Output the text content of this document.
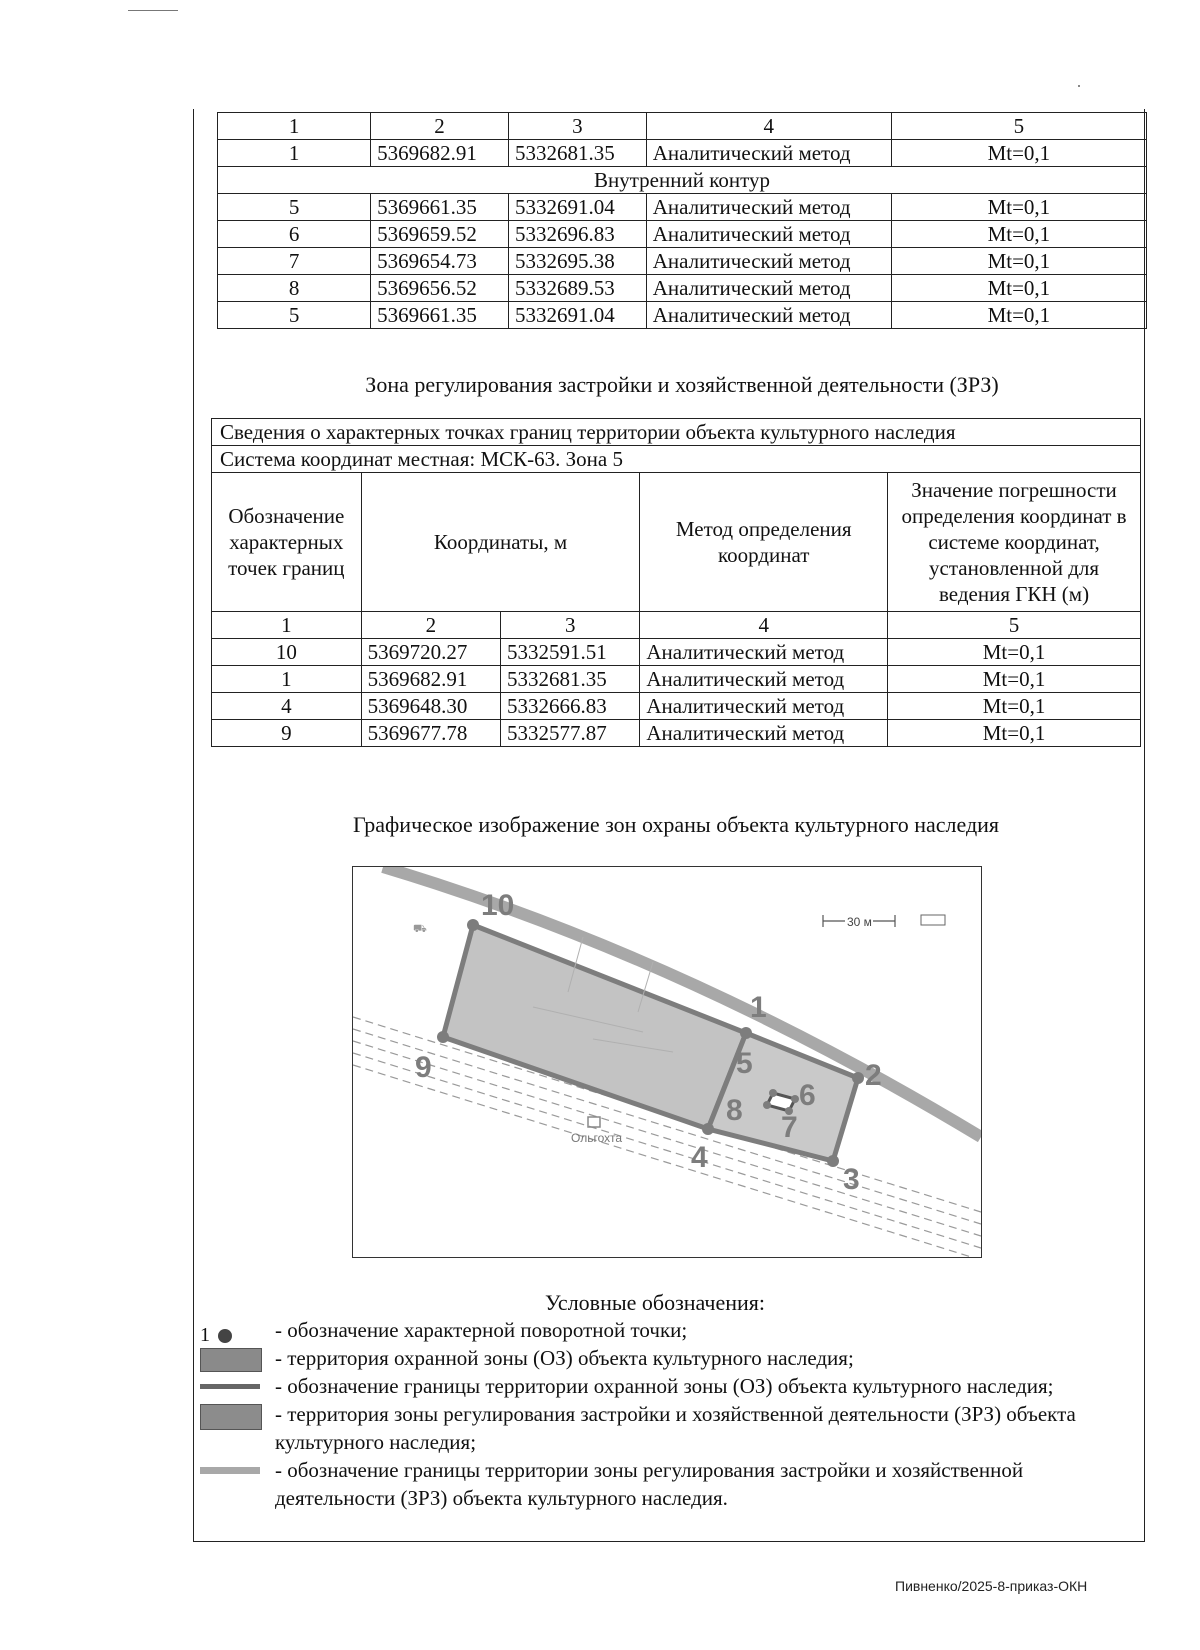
1	2	3	4	5
1	5369682.91	5332681.35	Аналитический метод	Mt=0,1
Внутренний контур				
5	5369661.35	5332691.04	Аналитический метод	Mt=0,1
6	5369659.52	5332696.83	Аналитический метод	Mt=0,1
7	5369654.73	5332695.38	Аналитический метод	Mt=0,1
8	5369656.52	5332689.53	Аналитический метод	Mt=0,1
5	5369661.35	5332691.04	Аналитический метод	Mt=0,1
Зона регулирования застройки и хозяйственной деятельности (ЗРЗ)
Сведения о характерных точках границ территории объекта культурного наследия				
Система координат местная: МСК-63. Зона 5				
Обозначение характерных точек границ	Координаты, м		Метод определения координат	Значение погрешности определения координат в системе координат, установленной для ведения ГКН (м)
1	2	3	4	5
10	5369720.27	5332591.51	Аналитический метод	Mt=0,1
1	5369682.91	5332681.35	Аналитический метод	Mt=0,1
4	5369648.30	5332666.83	Аналитический метод	Mt=0,1
9	5369677.78	5332577.87	Аналитический метод	Mt=0,1
Графическое изображение зон охраны объекта культурного наследия
10
1
2
3
4
5
6
7
8
9
Ольгохта
⛟	30 м
Условные обозначения:
1	- обозначение характерной поворотной точки;
- территория охранной зоны (ОЗ) объекта культурного наследия;
- обозначение границы территории охранной зоны (ОЗ) объекта культурного наследия;
- территория зоны регулирования застройки и хозяйственной деятельности (ЗРЗ) объекта культурного наследия;
- обозначение границы территории зоны регулирования застройки и хозяйственной деятельности (ЗРЗ) объекта культурного наследия.
Пивненко/2025-8-приказ-ОКН
